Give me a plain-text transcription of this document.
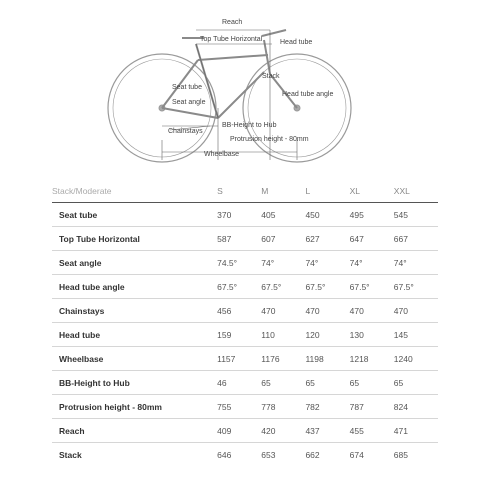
Reach
Top Tube Horizontal	Head tube
Stack
Seat tube
Head tube angle
Seat angle
BB-Height to Hub
Chainstays
Protrusion height - 80mm
Wheelbase
Stack/Moderate	S	M	L	XL	XXL
Seat tube	370	405	450	495	545
Top Tube Horizontal	587	607	627	647	667
Seat angle	74.5°	74°	74°	74°	74°
Head tube angle	67.5°	67.5°	67.5°	67.5°	67.5°
Chainstays	456	470	470	470	470
Head tube	159	110	120	130	145
Wheelbase	1157	1176	1198	1218	1240
BB-Height to Hub	46	65	65	65	65
Protrusion height - 80mm	755	778	782	787	824
Reach	409	420	437	455	471
Stack	646	653	662	674	685
